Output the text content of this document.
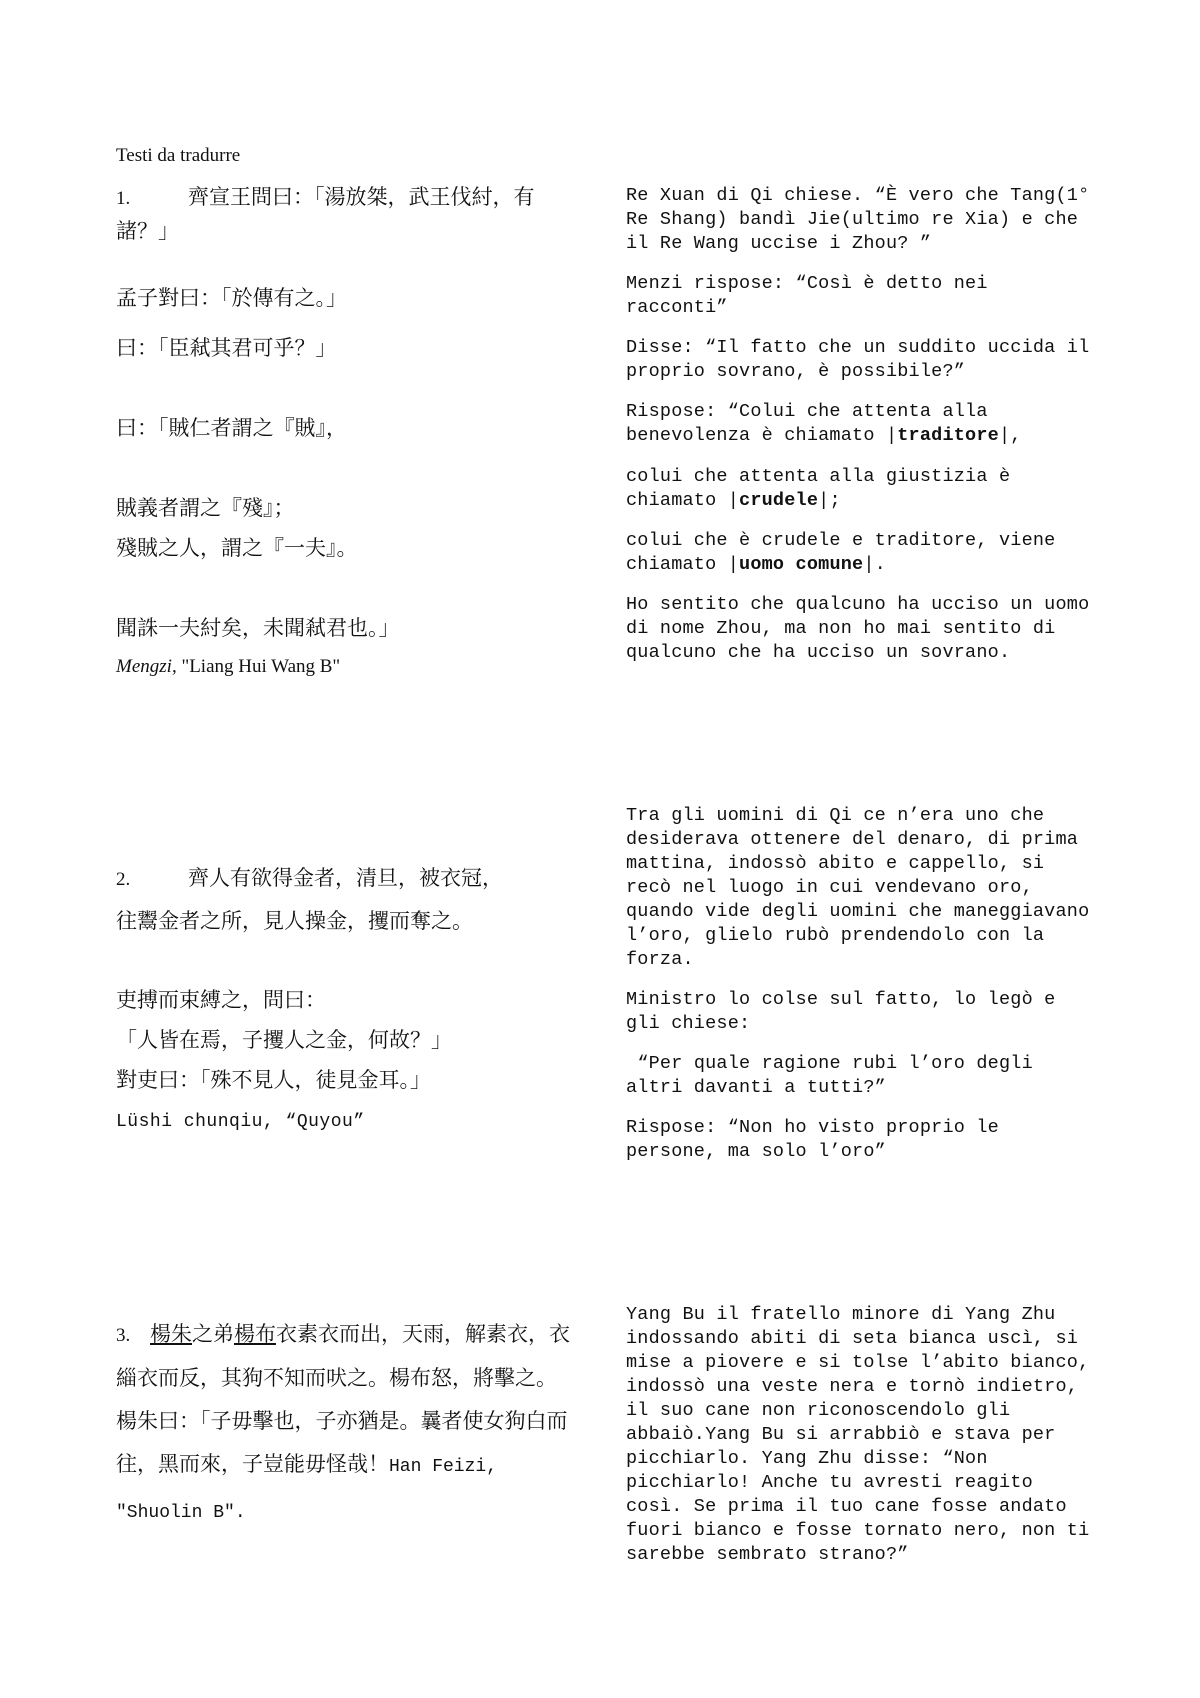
Testi da tradurre
1.	齊宣王問曰：「湯放桀，武王伐紂，有諸？」
孟子對曰：「於傳有之。」
曰：「臣弒其君可乎？」
曰：「賊仁者謂之『賊』，
賊義者謂之『殘』；
殘賊之人，謂之『一夫』。
聞誅一夫紂矣，未聞弒君也。」
Mengzi, "Liang Hui Wang B"
Re Xuan di Qi chiese. “È vero che Tang(1° Re Shang) bandì Jie(ultimo re Xia) e che il Re Wang uccise i Zhou? ”
Menzi rispose: “Così è detto nei racconti”
Disse: “Il fatto che un suddito uccida il proprio sovrano, è possibile?”
Rispose: “Colui che attenta alla benevolenza è chiamato |traditore|,
colui che attenta alla giustizia è chiamato |crudele|;
colui che è crudele e traditore, viene chiamato |uomo comune|.
Ho sentito che qualcuno ha ucciso un uomo di nome Zhou, ma non ho mai sentito di qualcuno che ha ucciso un sovrano.
2.	齊人有欲得金者，清旦，被衣冠，
往鬻金者之所，見人操金，攫而奪之。
吏搏而束縛之，問曰：
「人皆在焉，子攫人之金，何故？」
對吏曰：「殊不見人，徒見金耳。」
Lüshi chunqiu, “Quyou”
Tra gli uomini di Qi ce n’era uno che desiderava ottenere del denaro, di prima mattina, indossò abito e cappello, si recò nel luogo in cui vendevano oro, quando vide degli uomini che maneggiavano l’oro, glielo rubò prendendolo con la forza.
Ministro lo colse sul fatto, lo legò e gli chiese:
“Per quale ragione rubi l’oro degli altri davanti a tutti?”
Rispose: “Non ho visto proprio le persone, ma solo l’oro”
3. 楊朱之弟楊布衣素衣而出，天雨，解素衣，衣緇衣而反，其狗不知而吠之。楊布怒，將擊之。楊朱曰：「子毋擊也，子亦猶是。曩者使女狗白而往，黑而來，子豈能毋怪哉！Han Feizi, "Shuolin B".
Yang Bu il fratello minore di Yang Zhu indossando abiti di seta bianca uscì, si mise a piovere e si tolse l’abito bianco, indossò una veste nera e tornò indietro, il suo cane non riconoscendolo gli abbaiò.Yang Bu si arrabbiò e stava per picchiarlo. Yang Zhu disse: “Non picchiarlo! Anche tu avresti reagito così. Se prima il tuo cane fosse andato fuori bianco e fosse tornato nero, non ti sarebbe sembrato strano?”
